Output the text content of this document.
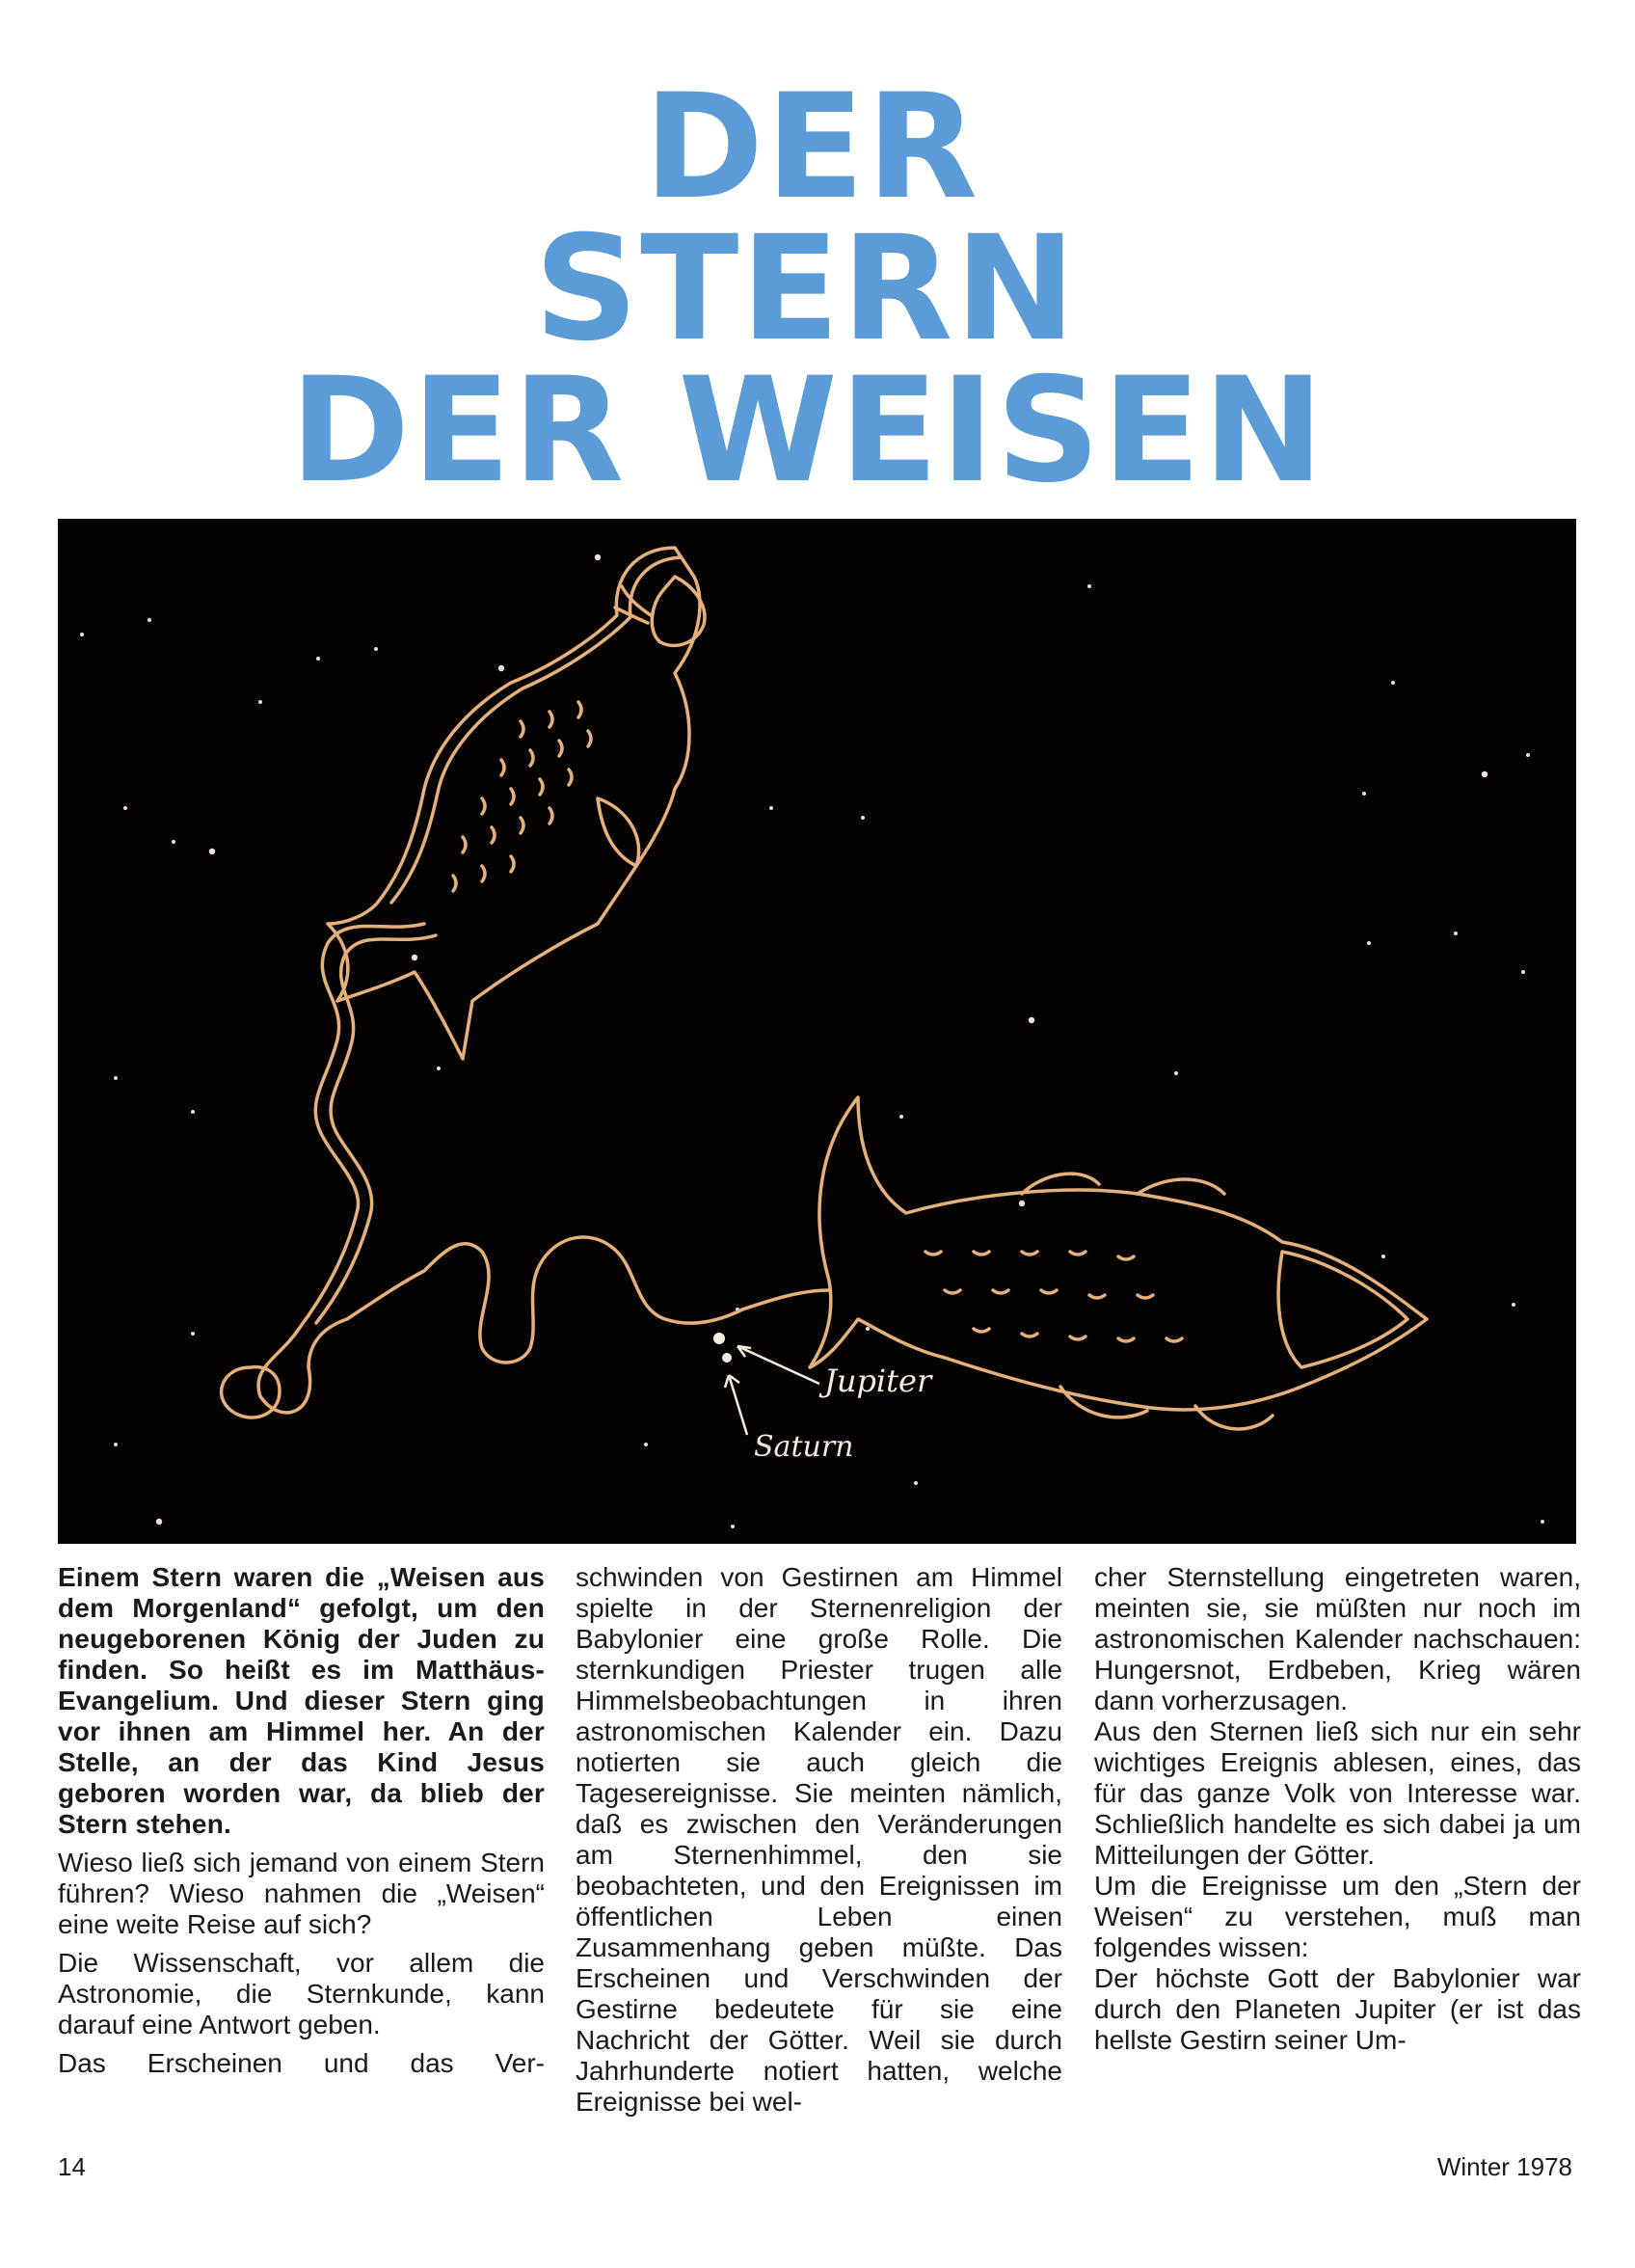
DER
STERN
DER WEISEN
Jupiter
Saturn

Einem Stern waren die „Weisen aus dem Morgenland“ gefolgt, um den neugeborenen König der Juden zu finden. So heißt es im Matthäus-Evangelium. Und dieser Stern ging vor ihnen am Himmel her. An der Stelle, an der das Kind Jesus geboren worden war, da blieb der Stern stehen.

Wieso ließ sich jemand von einem Stern führen? Wieso nahmen die „Weisen“ eine weite Reise auf sich?

Die Wissenschaft, vor allem die Astronomie, die Sternkunde, kann darauf eine Antwort geben.

Das Erscheinen und das Ver-

schwinden von Gestirnen am Himmel spielte in der Sternenreligion der Babylonier eine große Rolle. Die sternkundigen Priester trugen alle Himmelsbeobachtungen in ihren astronomischen Kalender ein. Dazu notierten sie auch gleich die Tagesereignisse. Sie meinten nämlich, daß es zwischen den Veränderungen am Sternenhimmel, den sie beobachteten, und den Ereignissen im öffentlichen Leben einen Zusammenhang geben müßte. Das Erscheinen und Verschwinden der Gestirne bedeutete für sie eine Nachricht der Götter. Weil sie durch Jahrhunderte notiert hatten, welche Ereignisse bei wel-

cher Sternstellung eingetreten waren, meinten sie, sie müßten nur noch im astronomischen Kalender nachschauen: Hungersnot, Erdbeben, Krieg wären dann vorherzusagen.

Aus den Sternen ließ sich nur ein sehr wichtiges Ereignis ablesen, eines, das für das ganze Volk von Interesse war. Schließlich handelte es sich dabei ja um Mitteilungen der Götter.

Um die Ereignisse um den „Stern der Weisen“ zu verstehen, muß man folgendes wissen:

Der höchste Gott der Babylonier war durch den Planeten Jupiter (er ist das hellste Gestirn seiner Um-

14	Winter 1978
